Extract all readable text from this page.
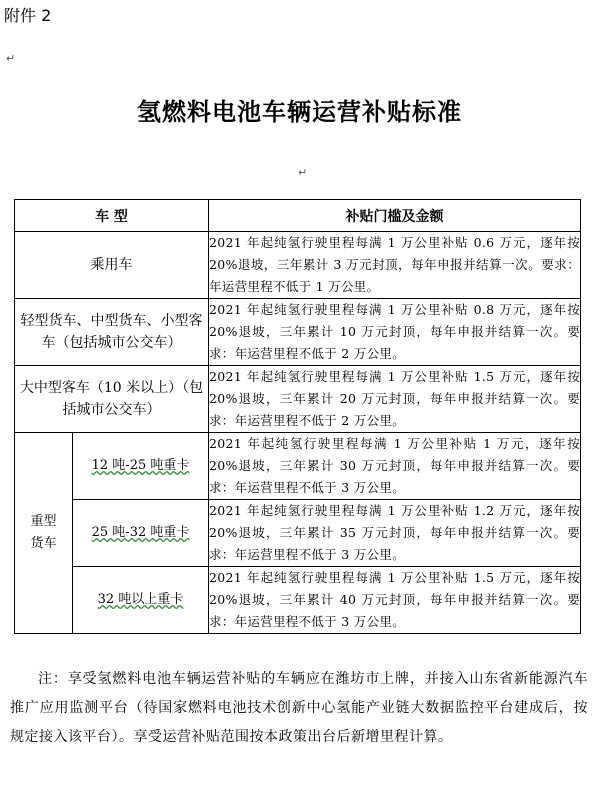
附件 2
↵
氢燃料电池车辆运营补贴标准
↵
车 型		补贴门槛及金额
乘用车		2021 年起纯氢行驶里程每满 1 万公里补贴 0.6 万元，逐年按 20%退坡，三年累计 3 万元封顶，每年申报并结算一次。要求：年运营里程不低于 1 万公里。
轻型货车、中型货车、小型客车（包括城市公交车）		2021 年起纯氢行驶里程每满 1 万公里补贴 0.8 万元，逐年按 20%退坡，三年累计 10 万元封顶，每年申报并结算一次。要求：年运营里程不低于 2 万公里。
大中型客车（10 米以上）（包括城市公交车）		2021 年起纯氢行驶里程每满 1 万公里补贴 1.5 万元，逐年按 20%退坡，三年累计 20 万元封顶，每年申报并结算一次。要求：年运营里程不低于 2 万公里。

重型货车	12 吨-25 吨重卡	2021 年起纯氢行驶里程每满 1 万公里补贴 1 万元，逐年按 20%退坡，三年累计 30 万元封顶，每年申报并结算一次。要求：年运营里程不低于 3 万公里。
	25 吨-32 吨重卡	2021 年起纯氢行驶里程每满 1 万公里补贴 1.2 万元，逐年按 20%退坡，三年累计 35 万元封顶，每年申报并结算一次。要求：年运营里程不低于 3 万公里。
	32 吨以上重卡	2021 年起纯氢行驶里程每满 1 万公里补贴 1.5 万元，逐年按 20%退坡，三年累计 40 万元封顶，每年申报并结算一次。要求：年运营里程不低于 3 万公里。
注：享受氢燃料电池车辆运营补贴的车辆应在潍坊市上牌，并接入山东省新能源汽车推广应用监测平台（待国家燃料电池技术创新中心氢能产业链大数据监控平台建成后，按规定接入该平台）。享受运营补贴范围按本政策出台后新增里程计算。
